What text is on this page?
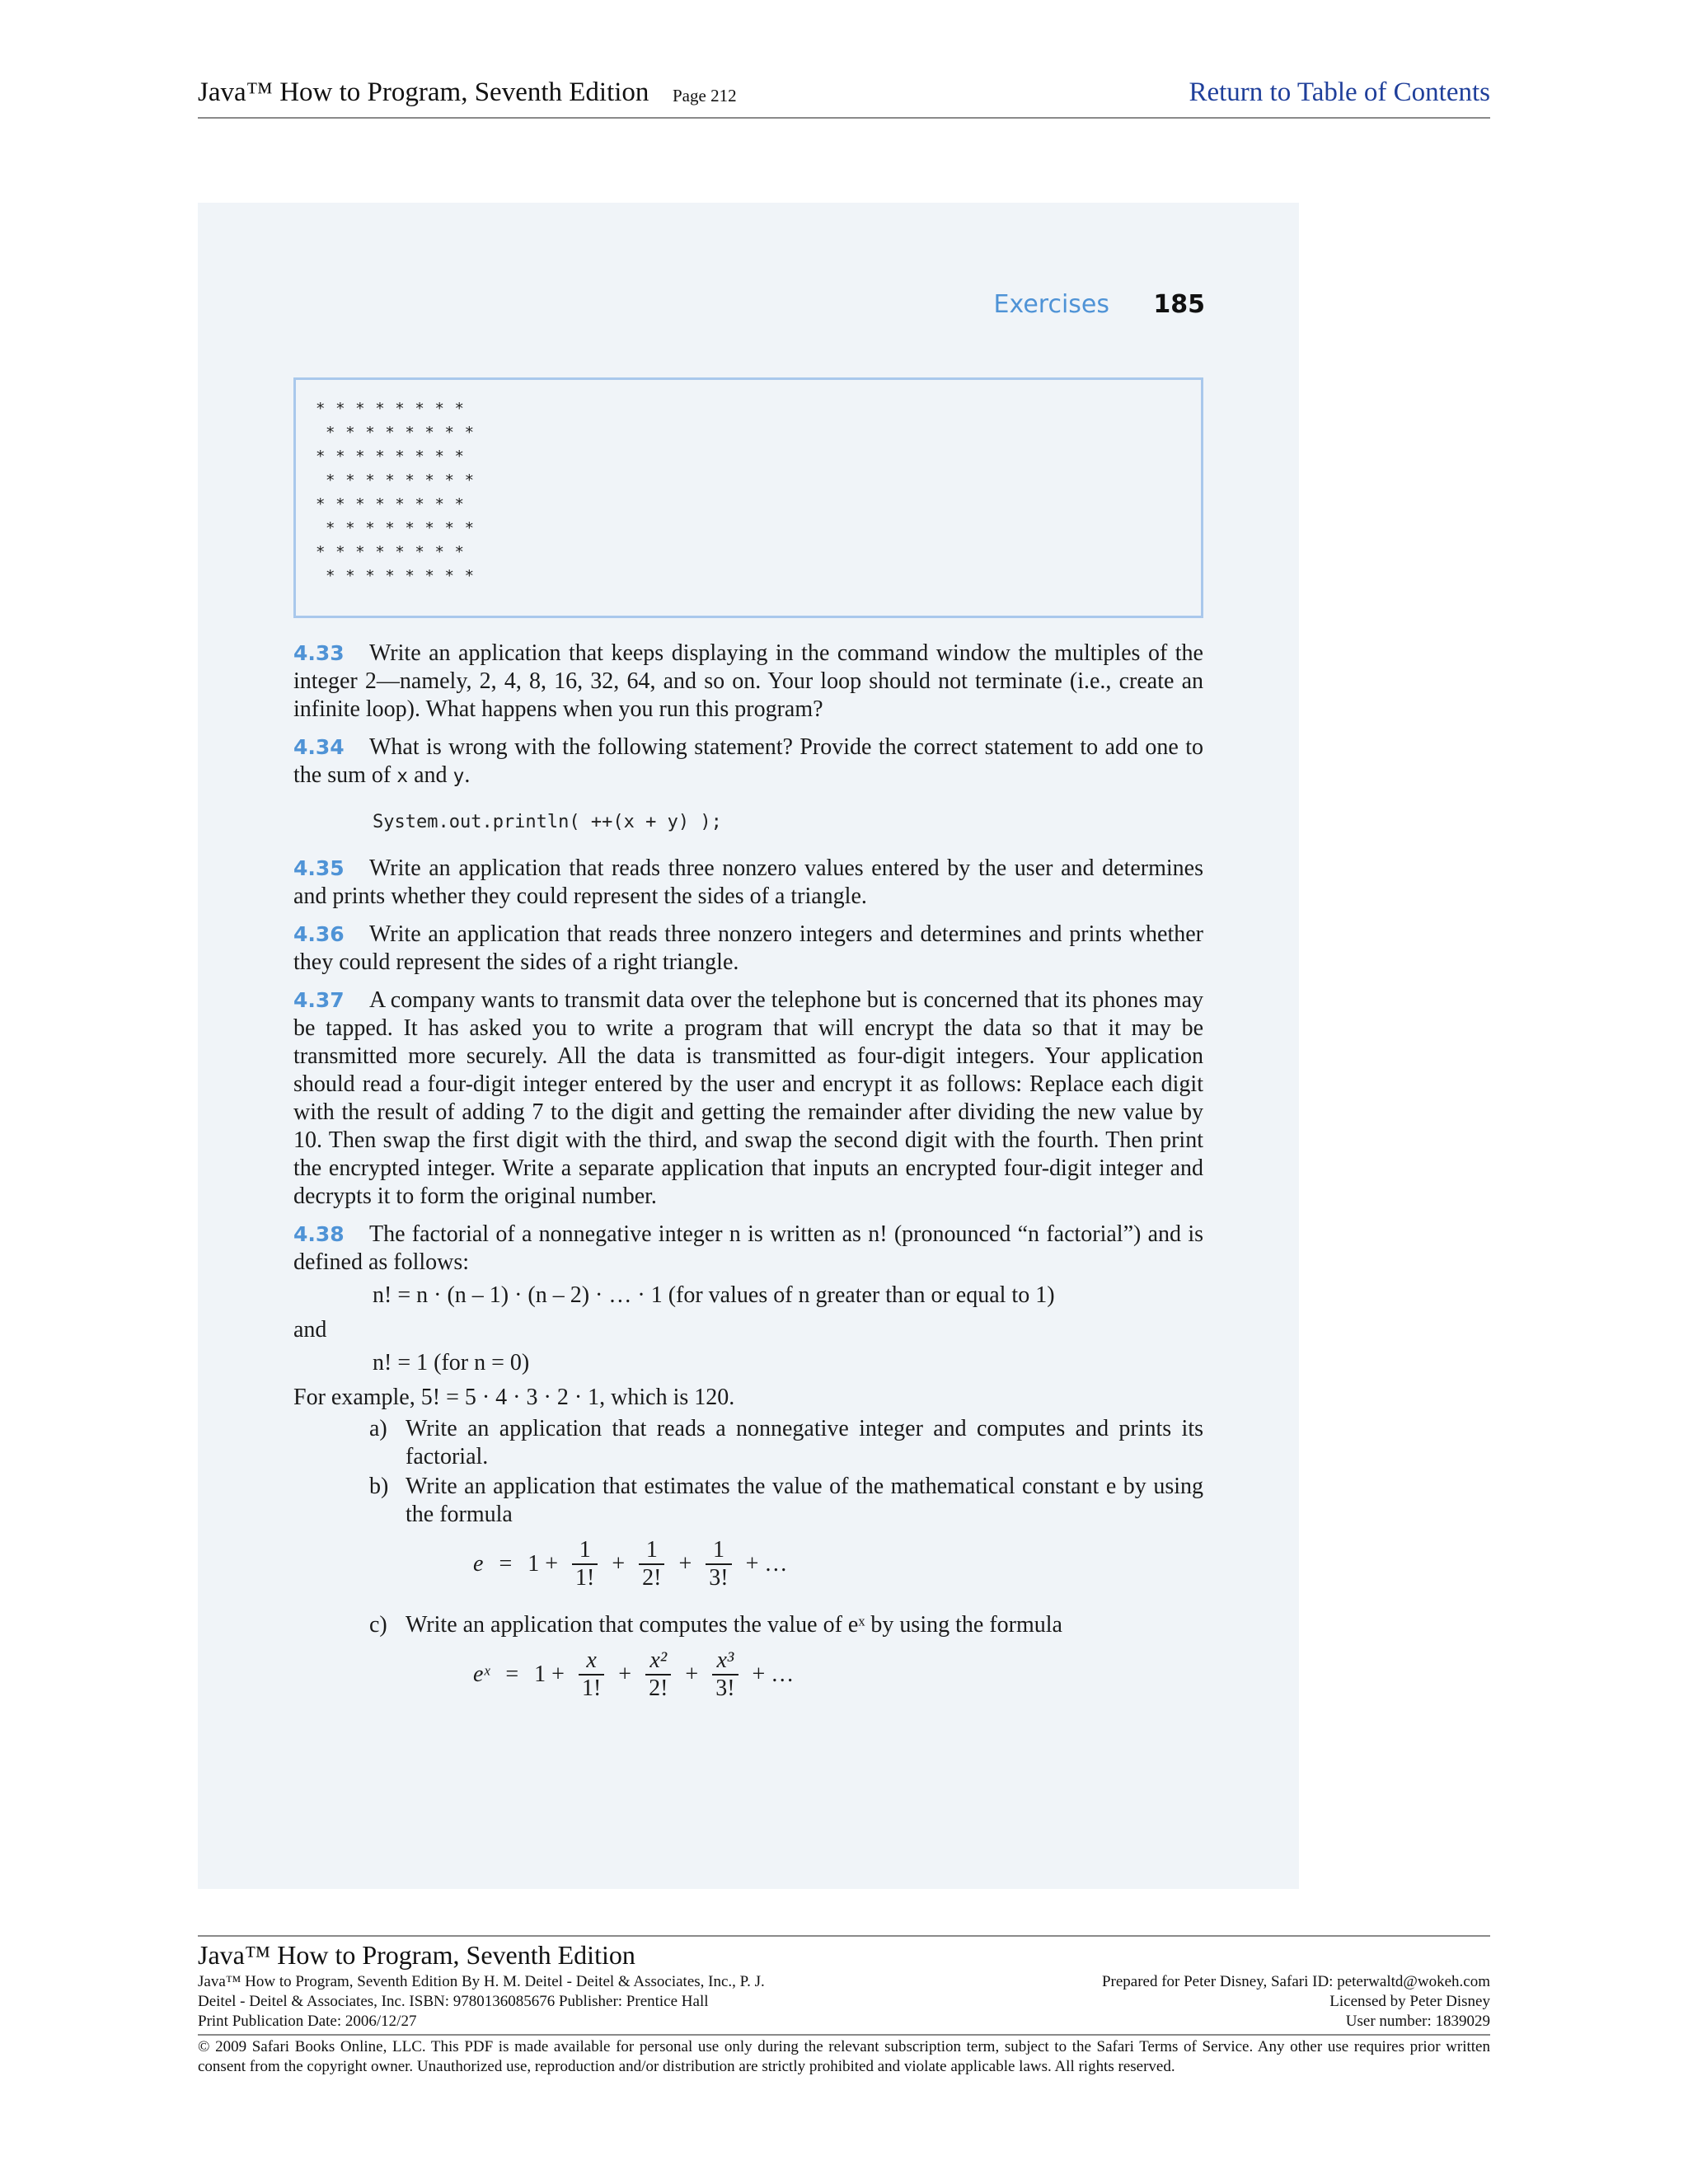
Java™ How to Program, Seventh Edition Page 212	Return to Table of Contents
Exercises 185
* * * * * * * *
* * * * * * * *
* * * * * * * *
* * * * * * * *
* * * * * * * *
* * * * * * * *
* * * * * * * *
* * * * * * * *

4.33 Write an application that keeps displaying in the command window the multiples of the integer 2—namely, 2, 4, 8, 16, 32, 64, and so on. Your loop should not terminate (i.e., create an infinite loop). What happens when you run this program?

4.34 What is wrong with the following statement? Provide the correct statement to add one to the sum of x and y.

System.out.println( ++(x + y) );

4.35 Write an application that reads three nonzero values entered by the user and determines and prints whether they could represent the sides of a triangle.

4.36 Write an application that reads three nonzero integers and determines and prints whether they could represent the sides of a right triangle.

4.37 A company wants to transmit data over the telephone but is concerned that its phones may be tapped. It has asked you to write a program that will encrypt the data so that it may be transmitted more securely. All the data is transmitted as four-digit integers. Your application should read a four-digit integer entered by the user and encrypt it as follows: Replace each digit with the result of adding 7 to the digit and getting the remainder after dividing the new value by 10. Then swap the first digit with the third, and swap the second digit with the fourth. Then print the encrypted integer. Write a separate application that inputs an encrypted four-digit integer and decrypts it to form the original number.

4.38 The factorial of a nonnegative integer n is written as n! (pronounced “n factorial”) and is defined as follows:

n! = n · (n – 1) · (n – 2) · … · 1 (for values of n greater than or equal to 1)
and
n! = 1 (for n = 0)
For example, 5! = 5 · 4 · 3 · 2 · 1, which is 120.
a) Write an application that reads a nonnegative integer and computes and prints its factorial.
b) Write an application that estimates the value of the mathematical constant e by using the formula
$e = 1 + \frac{1}{1!} + \frac{1}{2!} + \frac{1}{3!}$ + …
c) Write an application that computes the value of eˣ by using the formula
eˣ = $1 + \frac{x}{1!} + \frac{\text{x²}}{2!} + \frac{\text{x³}}{3!}$ + …
Java™ How to Program, Seventh Edition
Java™ How to Program, Seventh Edition By H. M. Deitel - Deitel & Associates, Inc., P. J.	Prepared for Peter Disney, Safari ID: peterwaltd@wokeh.com
Deitel - Deitel & Associates, Inc. ISBN: 9780136085676 Publisher: Prentice Hall	Licensed by Peter Disney
Print Publication Date: 2006/12/27	User number: 1839029
© 2009 Safari Books Online, LLC. This PDF is made available for personal use only during the relevant subscription term, subject to the Safari Terms of Service. Any other use requires prior written consent from the copyright owner. Unauthorized use, reproduction and/or distribution are strictly prohibited and violate applicable laws. All rights reserved.
